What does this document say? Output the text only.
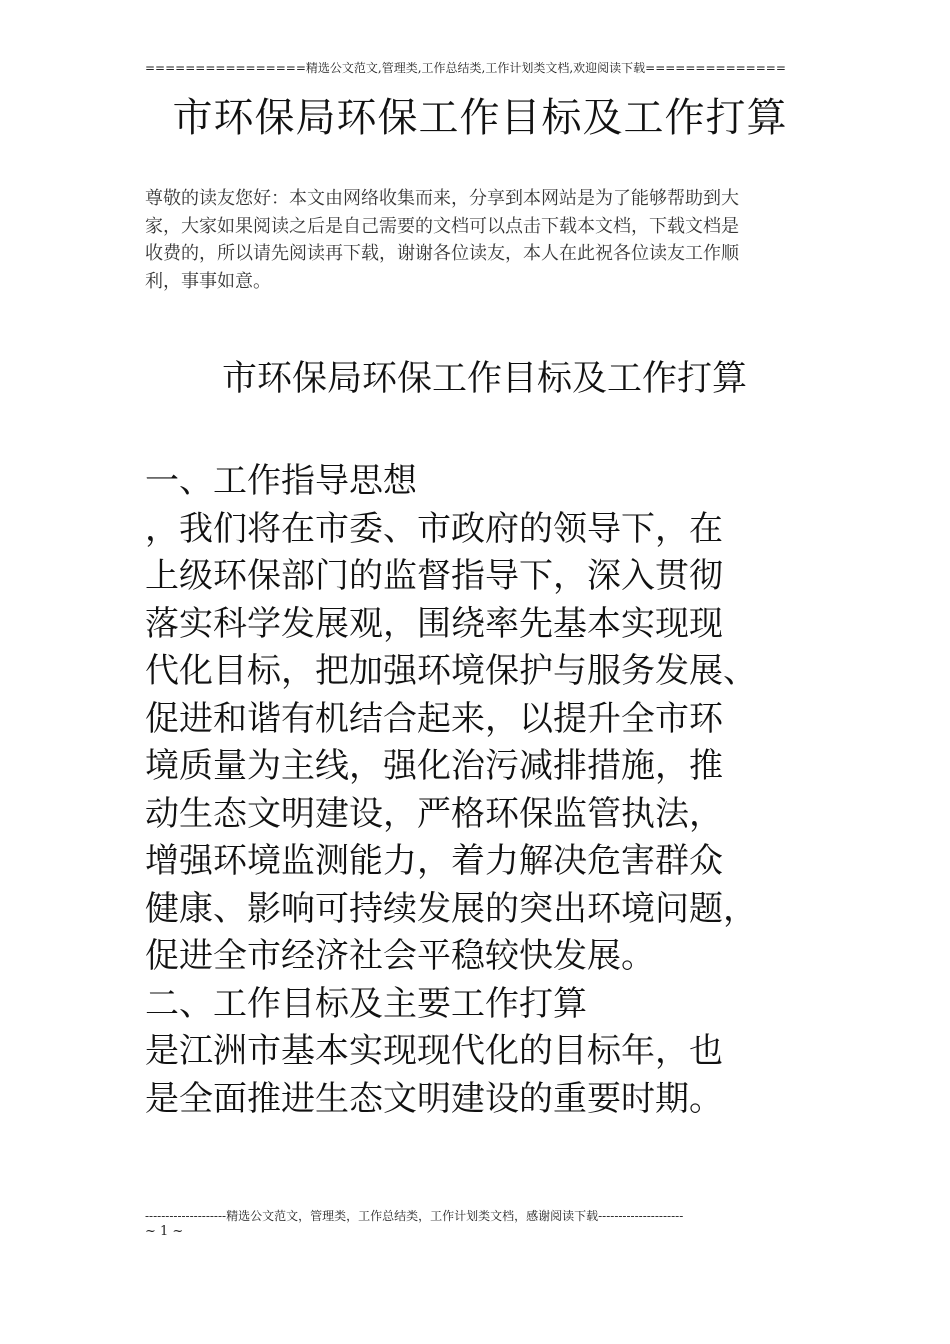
================精选公文范文,管理类,工作总结类,工作计划类文档,欢迎阅读下载==============
市环保局环保工作目标及工作打算
尊敬的读友您好：本文由网络收集而来，分享到本网站是为了能够帮助到大
家，大家如果阅读之后是自己需要的文档可以点击下载本文档，下载文档是
收费的，所以请先阅读再下载，谢谢各位读友，本人在此祝各位读友工作顺
利，事事如意。
市环保局环保工作目标及工作打算
一、工作指导思想
，我们将在市委、市政府的领导下，在
上级环保部门的监督指导下，深入贯彻
落实科学发展观，围绕率先基本实现现
代化目标，把加强环境保护与服务发展、
促进和谐有机结合起来，以提升全市环
境质量为主线，强化治污减排措施，推
动生态文明建设，严格环保监管执法，
增强环境监测能力，着力解决危害群众
健康、影响可持续发展的突出环境问题，
促进全市经济社会平稳较快发展。
二、工作目标及主要工作打算
是江洲市基本实现现代化的目标年，也
是全面推进生态文明建设的重要时期。
--------------------精选公文范文，管理类，工作总结类，工作计划类文档，感谢阅读下载---------------------
~ 1 ~
